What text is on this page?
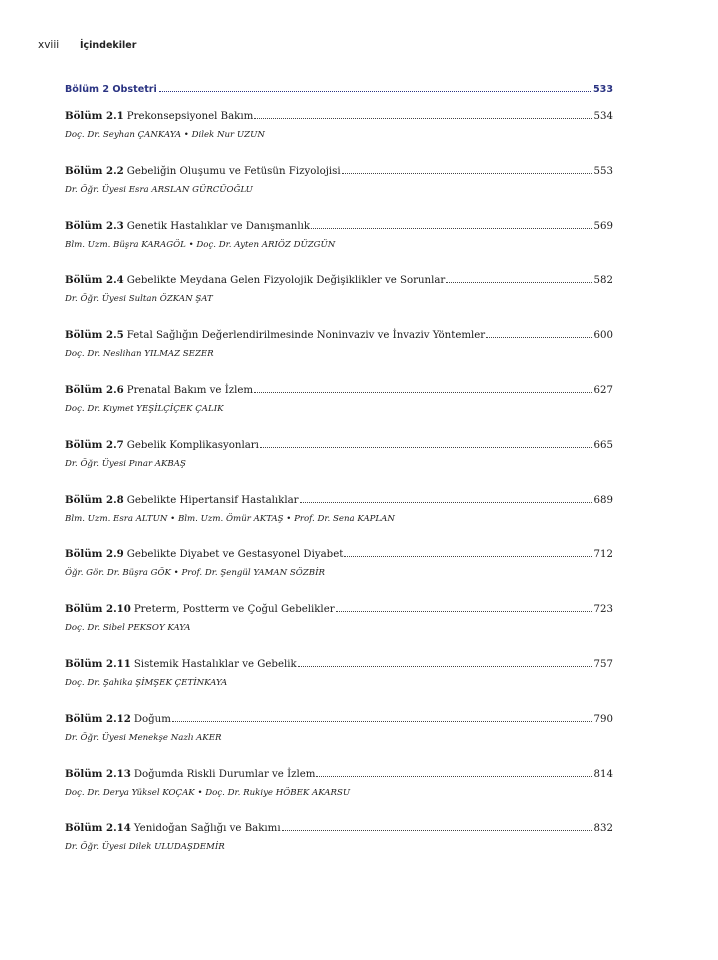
xviii İçindekiler
Bölüm 2 Obstetri	533
Bölüm 2.1 Prekonsepsiyonel Bakım	534
Doç. Dr. Seyhan ÇANKAYA • Dilek Nur UZUN
Bölüm 2.2 Gebeliğin Oluşumu ve Fetüsün Fizyolojisi	553
Dr. Öğr. Üyesi Esra ARSLAN GÜRCÜOĞLU
Bölüm 2.3 Genetik Hastalıklar ve Danışmanlık	569
Blm. Uzm. Büşra KARAGÖL • Doç. Dr. Ayten ARIÖZ DÜZGÜN
Bölüm 2.4 Gebelikte Meydana Gelen Fizyolojik Değişiklikler ve Sorunlar	582
Dr. Öğr. Üyesi Sultan ÖZKAN ŞAT
Bölüm 2.5 Fetal Sağlığın Değerlendirilmesinde Noninvaziv ve İnvaziv Yöntemler	600
Doç. Dr. Neslihan YILMAZ SEZER
Bölüm 2.6 Prenatal Bakım ve İzlem	627
Doç. Dr. Kıymet YEŞİLÇİÇEK ÇALIK
Bölüm 2.7 Gebelik Komplikasyonları	665
Dr. Öğr. Üyesi Pınar AKBAŞ
Bölüm 2.8 Gebelikte Hipertansif Hastalıklar	689
Blm. Uzm. Esra ALTUN • Blm. Uzm. Ömür AKTAŞ • Prof. Dr. Sena KAPLAN
Bölüm 2.9 Gebelikte Diyabet ve Gestasyonel Diyabet	712
Öğr. Gör. Dr. Büşra GÖK • Prof. Dr. Şengül YAMAN SÖZBİR
Bölüm 2.10 Preterm, Postterm ve Çoğul Gebelikler	723
Doç. Dr. Sibel PEKSOY KAYA
Bölüm 2.11 Sistemik Hastalıklar ve Gebelik	757
Doç. Dr. Şahika ŞİMŞEK ÇETİNKAYA
Bölüm 2.12 Doğum	790
Dr. Öğr. Üyesi Menekşe Nazlı AKER
Bölüm 2.13 Doğumda Riskli Durumlar ve İzlem	814
Doç. Dr. Derya Yüksel KOÇAK • Doç. Dr. Rukiye HÖBEK AKARSU
Bölüm 2.14 Yenidoğan Sağlığı ve Bakımı	832
Dr. Öğr. Üyesi Dilek ULUDAŞDEMİR
